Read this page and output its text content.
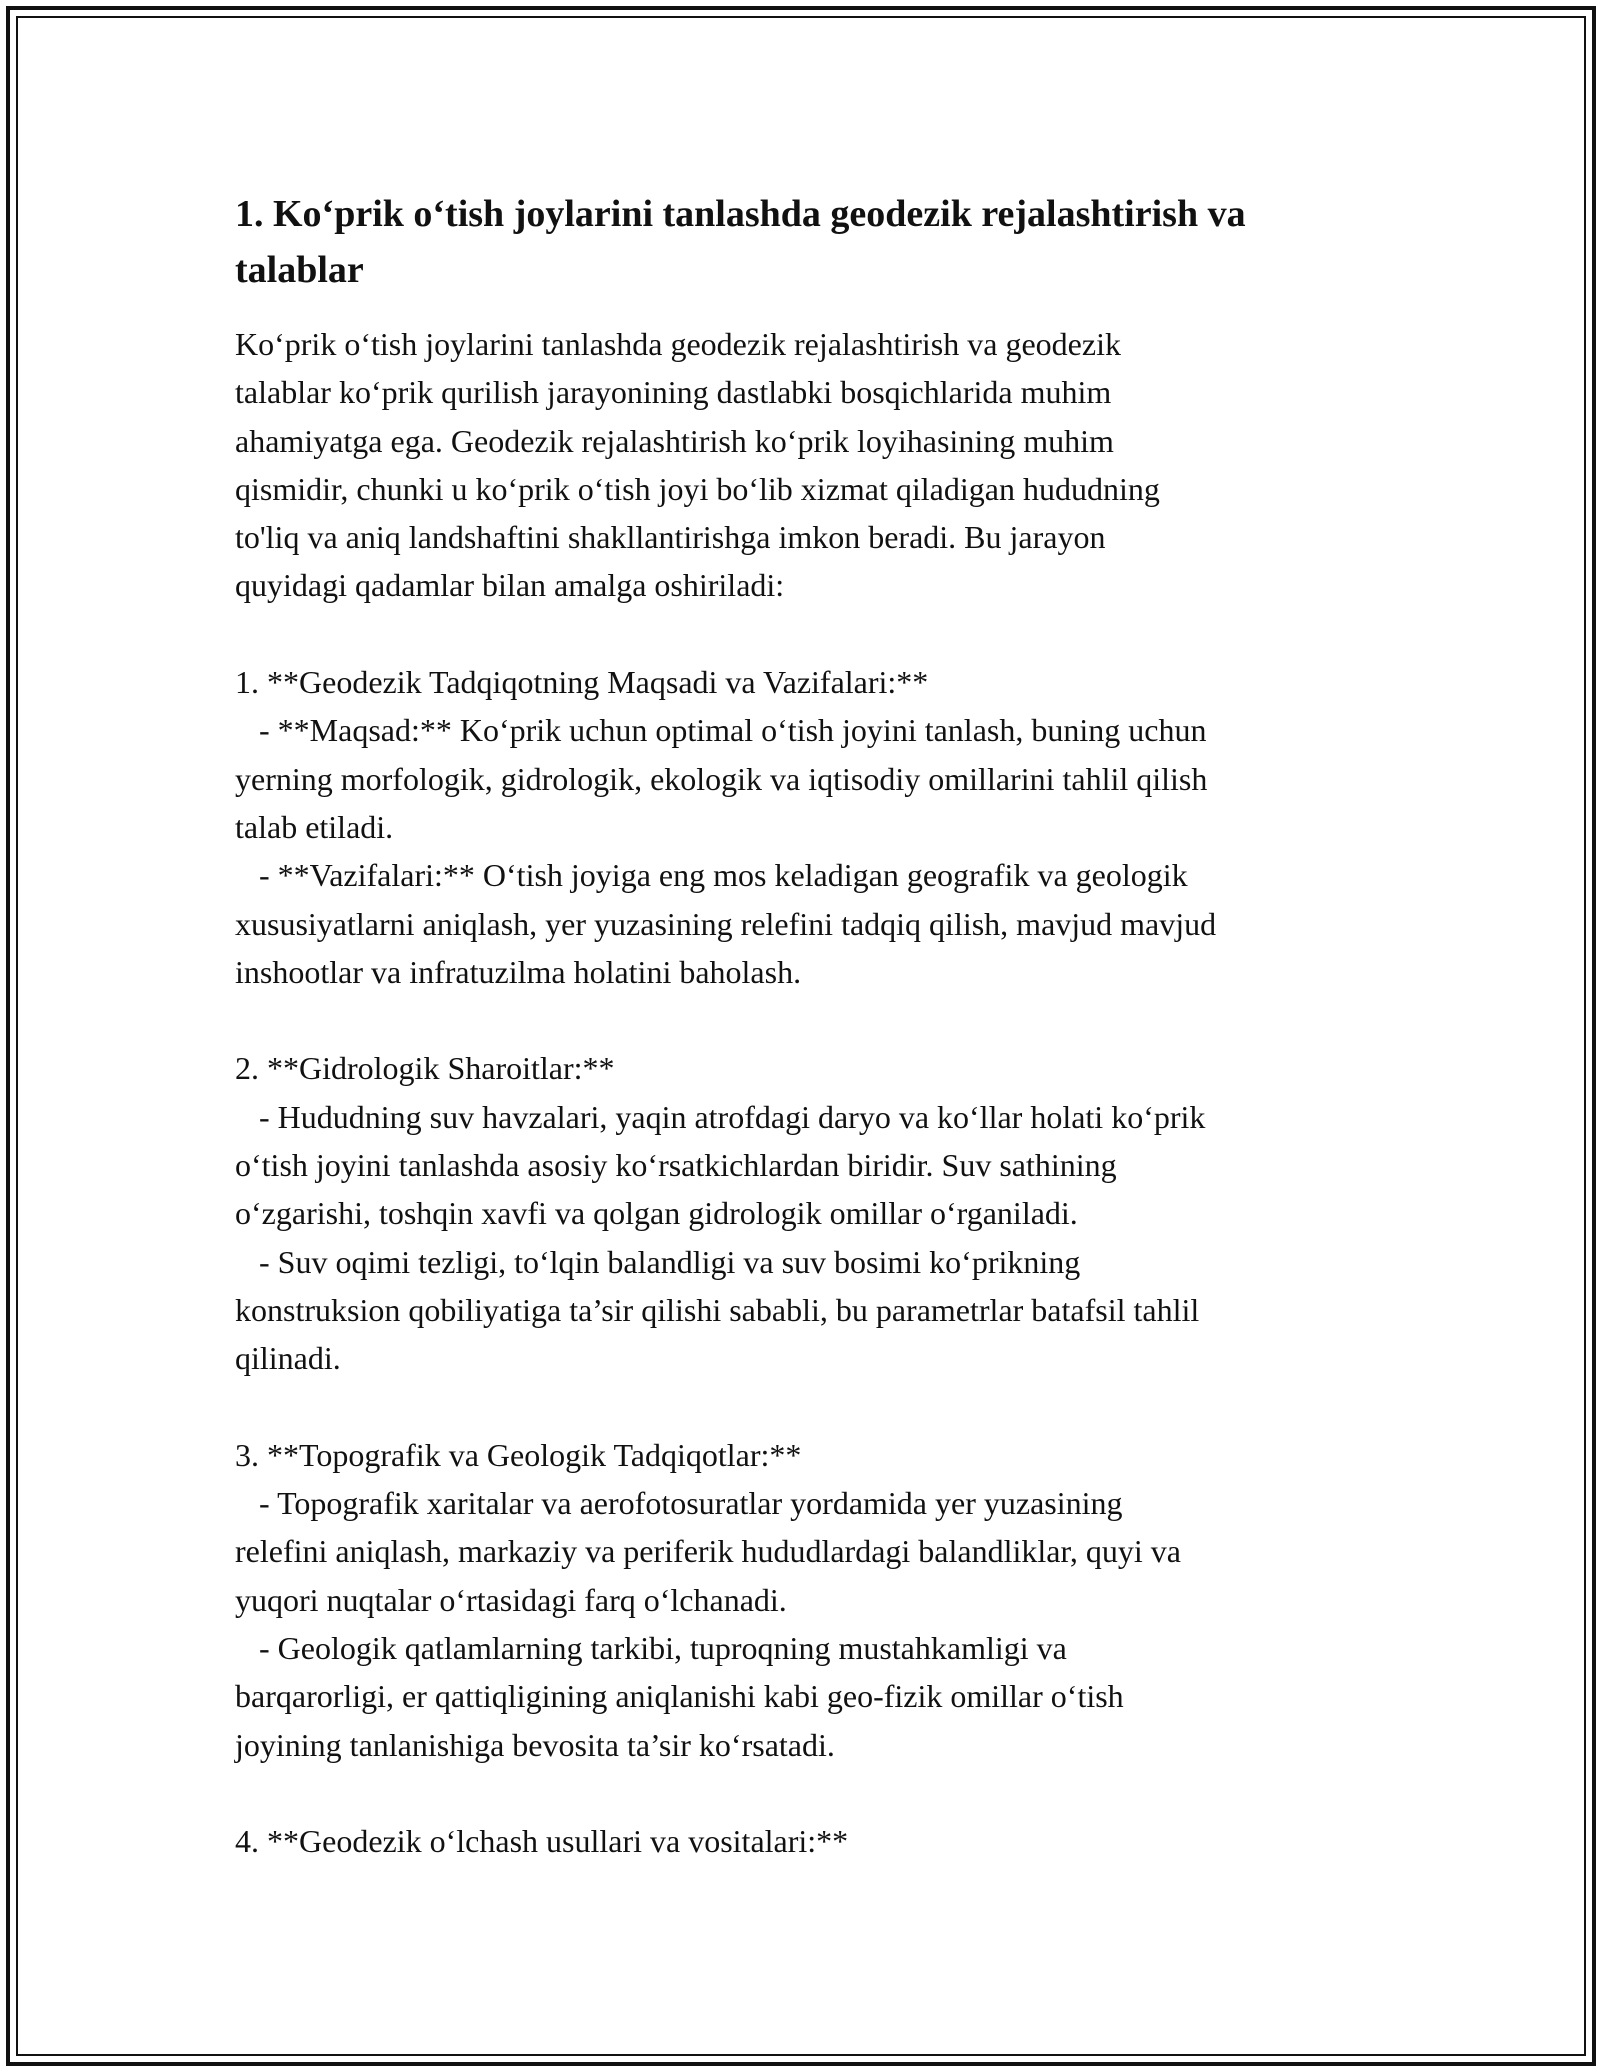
1. Ko‘prik o‘tish joylarini tanlashda geodezik rejalashtirish va talablar

Ko‘prik o‘tish joylarini tanlashda geodezik rejalashtirish va geodezik
talablar ko‘prik qurilish jarayonining dastlabki bosqichlarida muhim
ahamiyatga ega. Geodezik rejalashtirish ko‘prik loyihasining muhim
qismidir, chunki u ko‘prik o‘tish joyi bo‘lib xizmat qiladigan hududning
to'liq va aniq landshaftini shakllantirishga imkon beradi. Bu jarayon
quyidagi qadamlar bilan amalga oshiriladi:

1. **Geodezik Tadqiqotning Maqsadi va Vazifalari:**
- **Maqsad:** Ko‘prik uchun optimal o‘tish joyini tanlash, buning uchun
yerning morfologik, gidrologik, ekologik va iqtisodiy omillarini tahlil qilish
talab etiladi.
- **Vazifalari:** O‘tish joyiga eng mos keladigan geografik va geologik
xususiyatlarni aniqlash, yer yuzasining relefini tadqiq qilish, mavjud mavjud
inshootlar va infratuzilma holatini baholash.

2. **Gidrologik Sharoitlar:**
- Hududning suv havzalari, yaqin atrofdagi daryo va ko‘llar holati ko‘prik
o‘tish joyini tanlashda asosiy ko‘rsatkichlardan biridir. Suv sathining
o‘zgarishi, toshqin xavfi va qolgan gidrologik omillar o‘rganiladi.
- Suv oqimi tezligi, to‘lqin balandligi va suv bosimi ko‘prikning
konstruksion qobiliyatiga ta’sir qilishi sababli, bu parametrlar batafsil tahlil
qilinadi.

3. **Topografik va Geologik Tadqiqotlar:**
- Topografik xaritalar va aerofotosuratlar yordamida yer yuzasining
relefini aniqlash, markaziy va periferik hududlardagi balandliklar, quyi va
yuqori nuqtalar o‘rtasidagi farq o‘lchanadi.
- Geologik qatlamlarning tarkibi, tuproqning mustahkamligi va
barqarorligi, er qattiqligining aniqlanishi kabi geo-fizik omillar o‘tish
joyining tanlanishiga bevosita ta’sir ko‘rsatadi.

4. **Geodezik o‘lchash usullari va vositalari:**
